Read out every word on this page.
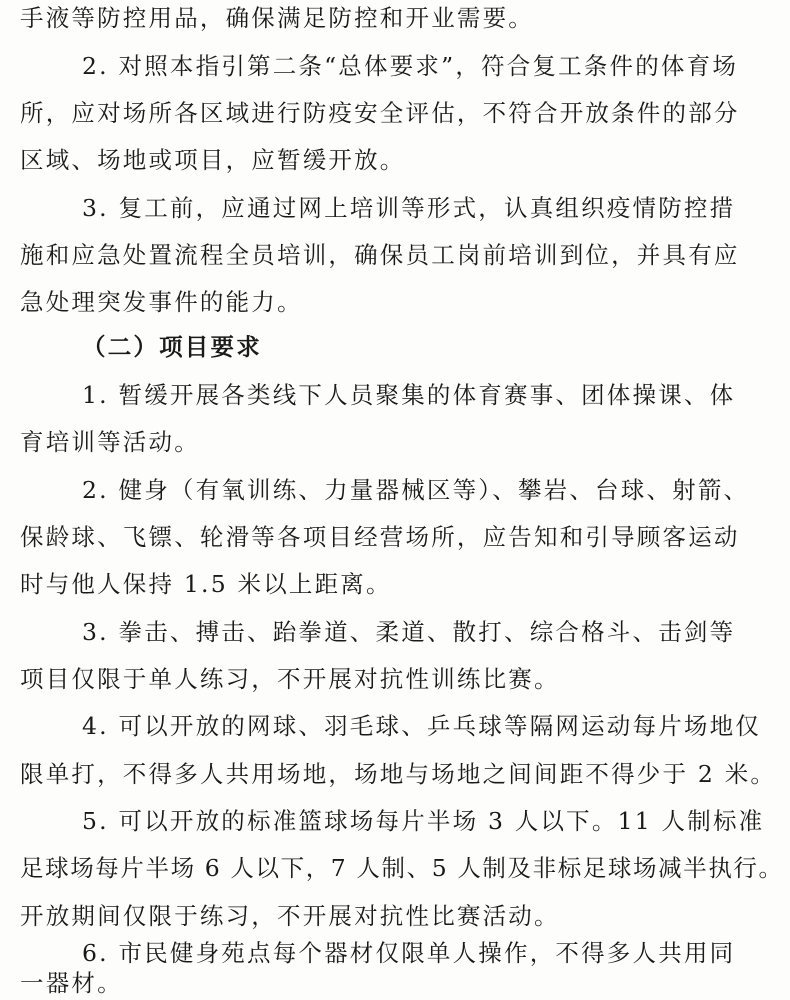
手液等防控用品，确保满足防控和开业需要。
2. 对照本指引第二条“总体要求”，符合复工条件的体育场
所，应对场所各区域进行防疫安全评估，不符合开放条件的部分
区域、场地或项目，应暂缓开放。
3. 复工前，应通过网上培训等形式，认真组织疫情防控措
施和应急处置流程全员培训，确保员工岗前培训到位，并具有应
急处理突发事件的能力。
（二）项目要求
1. 暂缓开展各类线下人员聚集的体育赛事、团体操课、体
育培训等活动。
2. 健身（有氧训练、力量器械区等）、攀岩、台球、射箭、
保龄球、飞镖、轮滑等各项目经营场所，应告知和引导顾客运动
时与他人保持 1.5 米以上距离。
3. 拳击、搏击、跆拳道、柔道、散打、综合格斗、击剑等
项目仅限于单人练习，不开展对抗性训练比赛。
4. 可以开放的网球、羽毛球、乒乓球等隔网运动每片场地仅
限单打，不得多人共用场地，场地与场地之间间距不得少于 2 米。
5. 可以开放的标准篮球场每片半场 3 人以下。11 人制标准
足球场每片半场 6 人以下，7 人制、5 人制及非标足球场减半执行。
开放期间仅限于练习，不开展对抗性比赛活动。
6. 市民健身苑点每个器材仅限单人操作，不得多人共用同
一器材。
